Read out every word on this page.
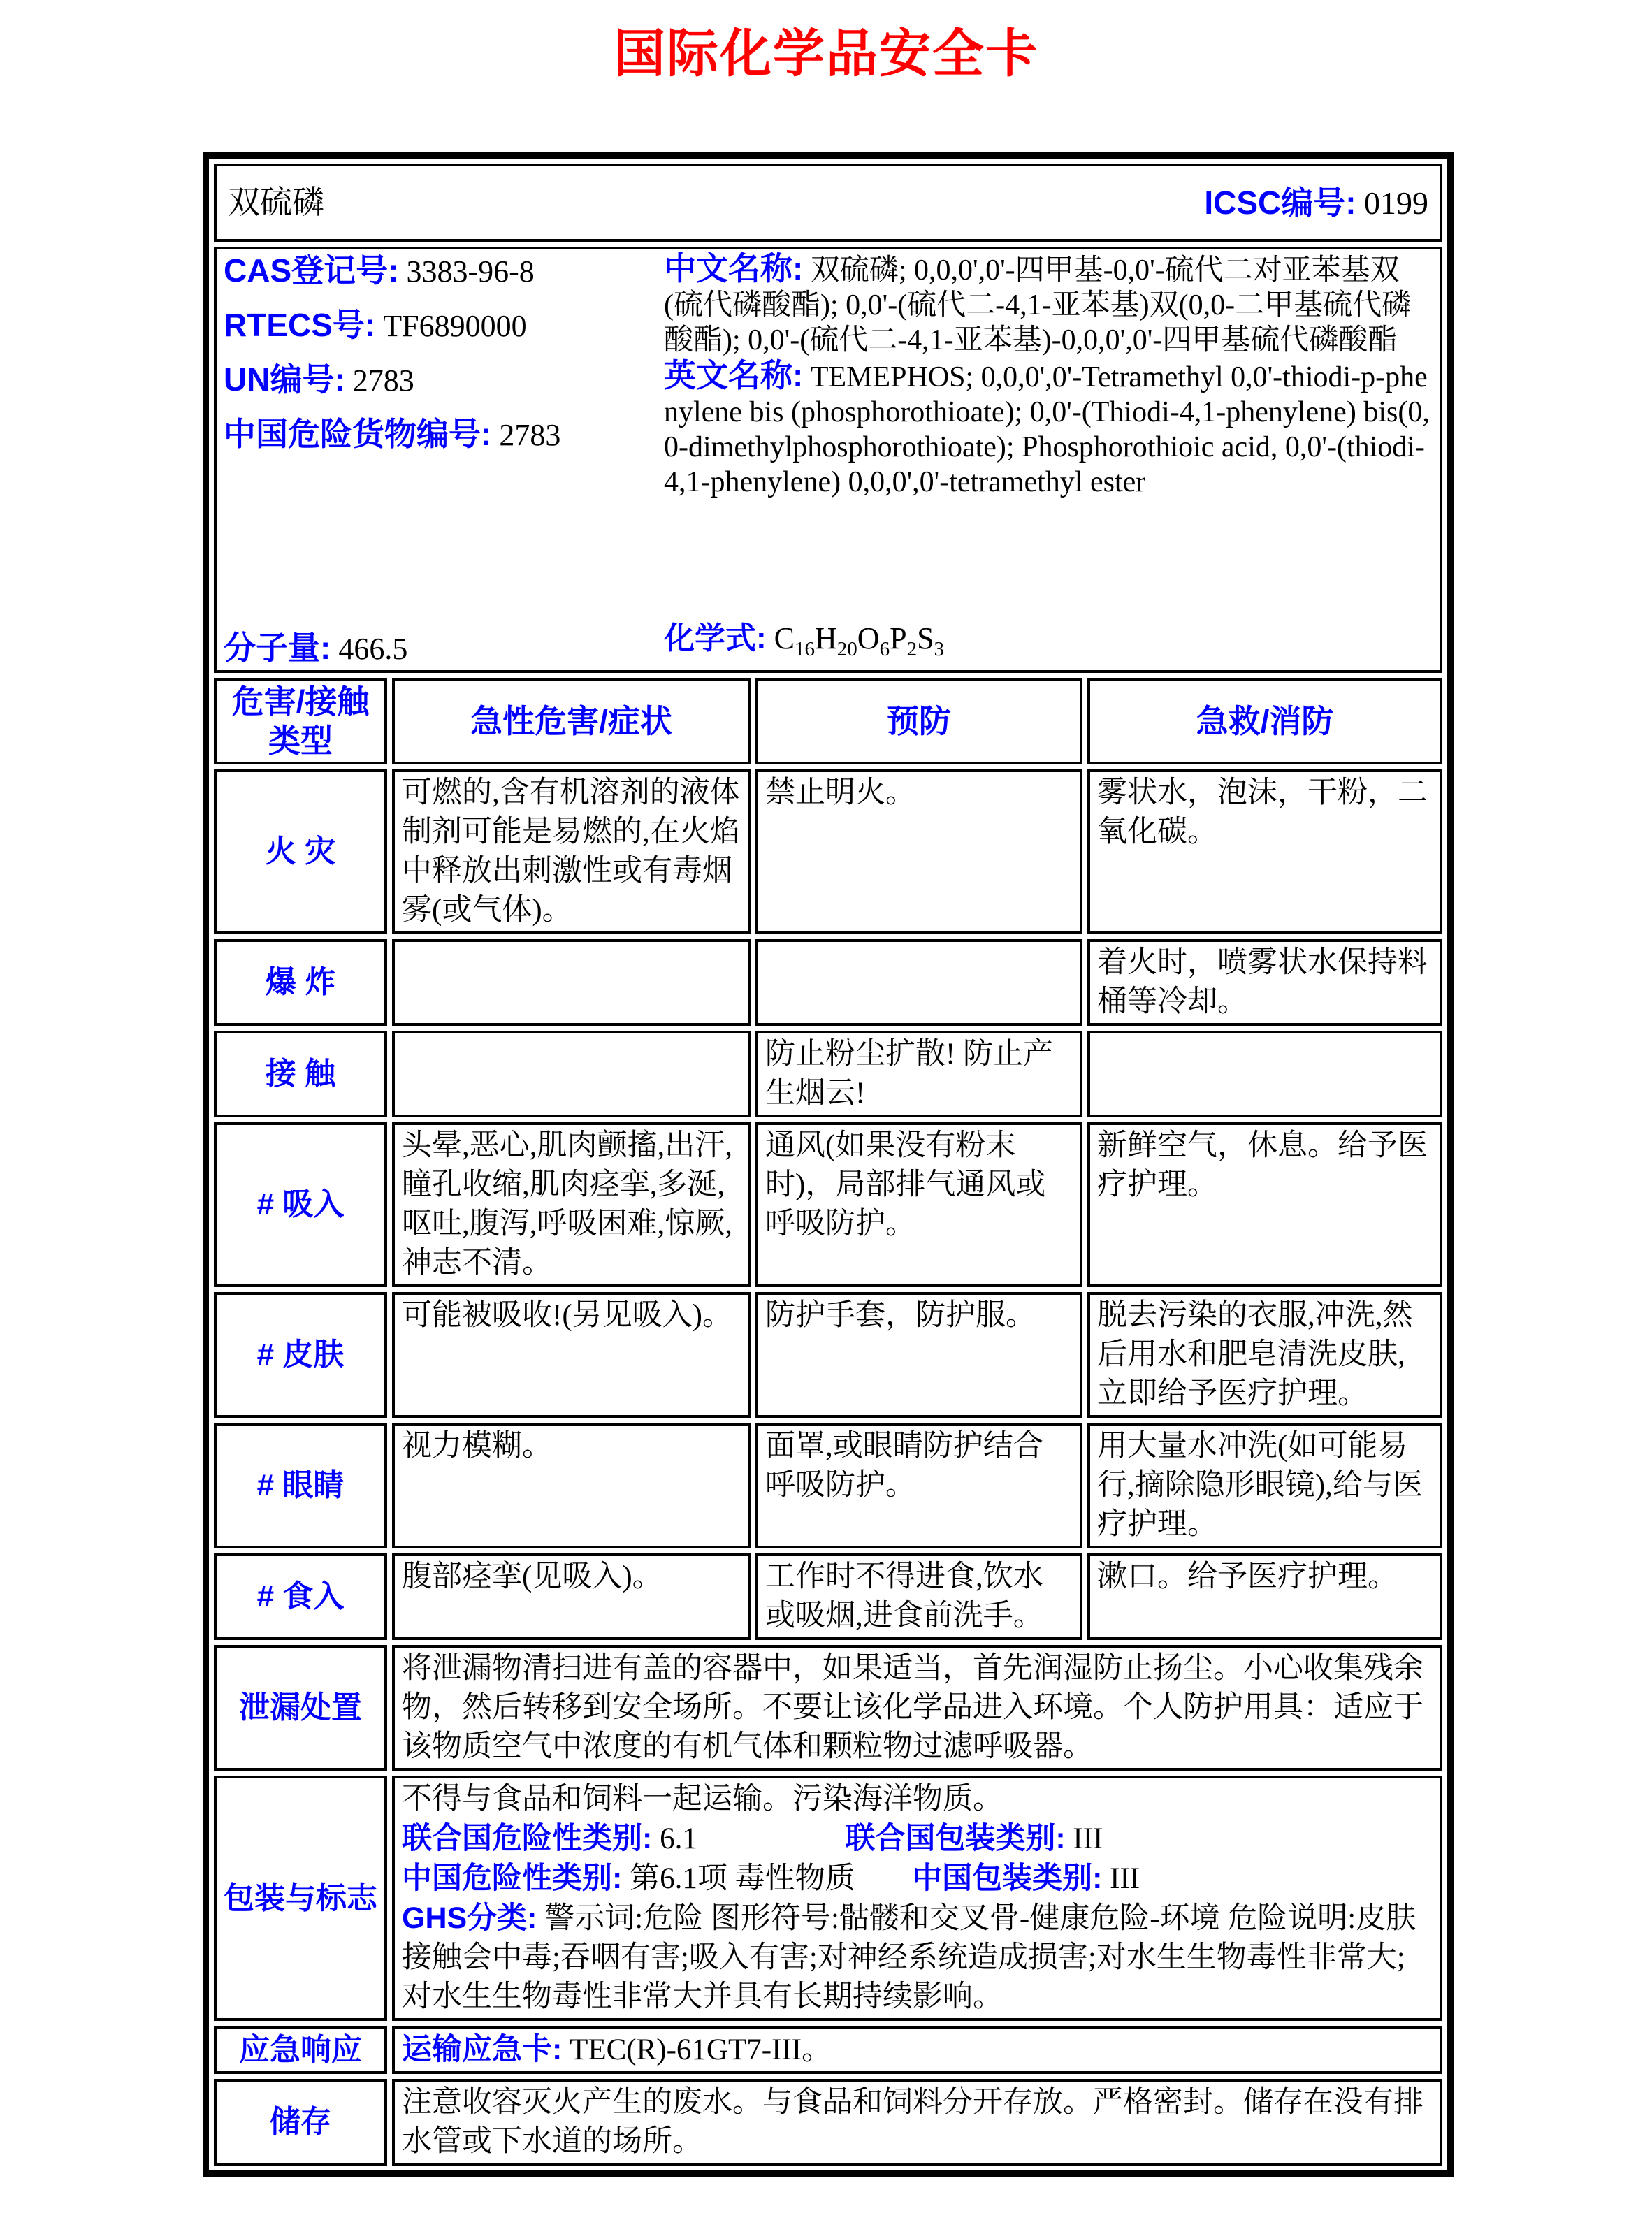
国际化学品安全卡
双硫磷 ICSC编号: 0199			

CAS登记号: 3383-96-8
RTECS号: TF6890000
UN编号: 2783
中国危险货物编号: 2783
分子量: 466.5

中文名称: 双硫磷; 0,0,0',0'-四甲基-0,0'-硫代二对亚苯基双(硫代磷酸酯); 0,0'-(硫代二-4,1-亚苯基)双(0,0-二甲基硫代磷酸酯); 0,0'-(硫代二-4,1-亚苯基)-0,0,0',0'-四甲基硫代磷酸酯

英文名称: TEMEPHOS; 0,0,0',0'-Tetramethyl 0,0'-thiodi-p-phenylene bis (phosphorothioate); 0,0'-(Thiodi-4,1-phenylene) bis(0,0-dimethylphosphorothioate); Phosphorothioic acid, 0,0'-(thiodi-4,1-phenylene) 0,0,0',0'-tetramethyl ester

化学式: $C_{16}H_{20}O_6P_2S_3$

危害/接触类型	急性危害/症状	预防	急救/消防
火 灾	可燃的,含有机溶剂的液体制剂可能是易燃的,在火焰中释放出刺激性或有毒烟雾(或气体)。	禁止明火。	雾状水，泡沫，干粉，二氧化碳。
爆 炸			着火时，喷雾状水保持料桶等冷却。
接 触		防止粉尘扩散! 防止产生烟云!	
# 吸入	头晕,恶心,肌肉颤搐,出汗,瞳孔收缩,肌肉痉挛,多涎,呕吐,腹泻,呼吸困难,惊厥,神志不清。	通风(如果没有粉末时)，局部排气通风或呼吸防护。	新鲜空气，休息。给予医疗护理。
# 皮肤	可能被吸收!(另见吸入)。	防护手套，防护服。	脱去污染的衣服,冲洗,然后用水和肥皂清洗皮肤,立即给予医疗护理。
# 眼睛	视力模糊。	面罩,或眼睛防护结合呼吸防护。	用大量水冲洗(如可能易行,摘除隐形眼镜),给与医疗护理。
# 食入	腹部痉挛(见吸入)。	工作时不得进食,饮水或吸烟,进食前洗手。	漱口。给予医疗护理。
泄漏处置	将泄漏物清扫进有盖的容器中，如果适当，首先润湿防止扬尘。小心收集残余物，然后转移到安全场所。不要让该化学品进入环境。个人防护用具：适应于该物质空气中浓度的有机气体和颗粒物过滤呼吸器。		
包装与标志	不得与食品和饲料一起运输。污染海洋物质。

联合国危险性类别: 6.1 联合国包装类别: III

中国危险性类别: 第6.1项 毒性物质 中国包装类别: III

GHS分类: 警示词:危险 图形符号:骷髅和交叉骨-健康危险-环境 危险说明:皮肤接触会中毒;吞咽有害;吸入有害;对神经系统造成损害;对水生生物毒性非常大;对水生生物毒性非常大并具有长期持续影响。		

应急响应	运输应急卡: TEC(R)-61GT7-III。		
储存	注意收容灭火产生的废水。与食品和饲料分开存放。严格密封。储存在没有排水管或下水道的场所。		
